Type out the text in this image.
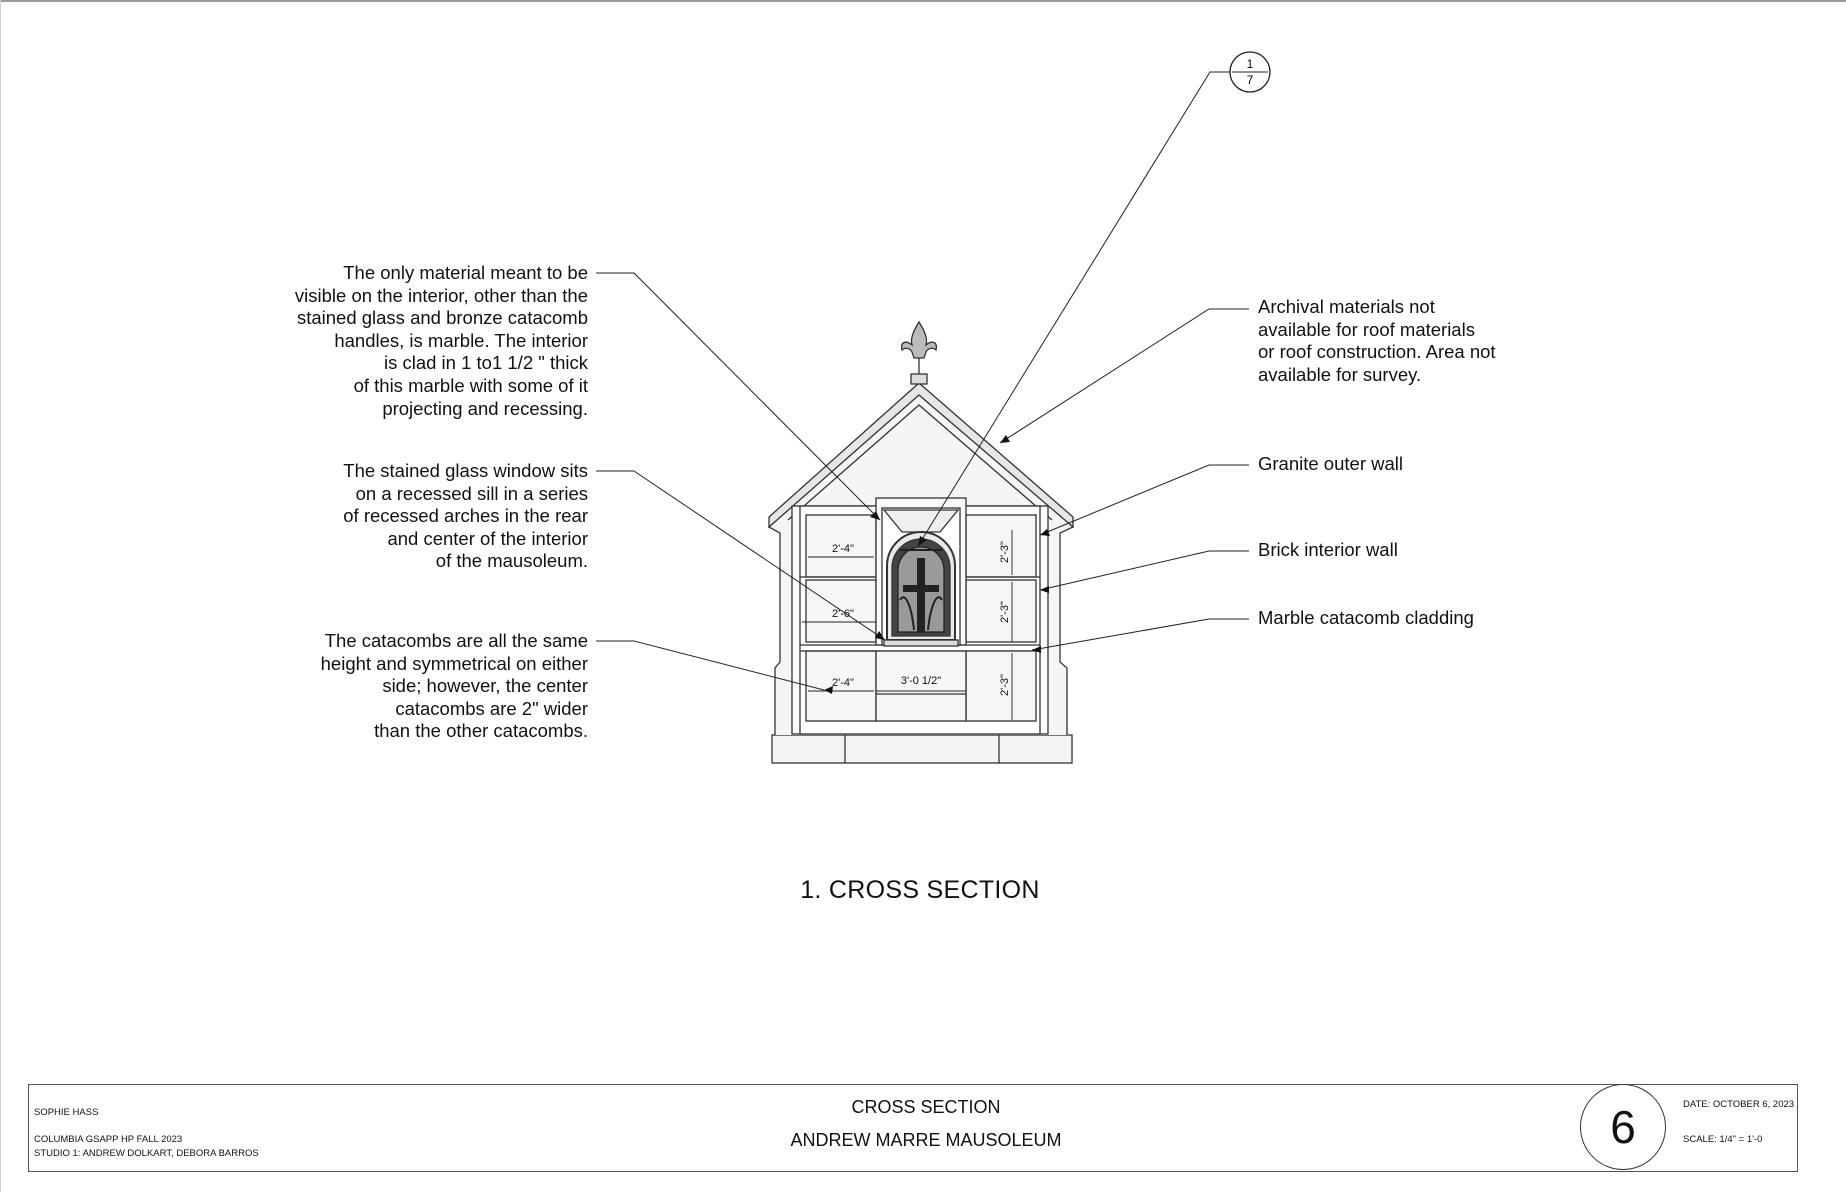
1
7
2'-4"
2'-6"
2'-4"	3'-0 1/2"
2'-3"
2'-3"
2'-3"
The only material meant to be
visible on the interior, other than the
stained glass and bronze catacomb
handles, is marble. The interior
is clad in 1 to1 1/2 " thick
of this marble with some of it
projecting and recessing.
The stained glass window sits
on a recessed sill in a series
of recessed arches in the rear
and center of the interior
of the mausoleum.
The catacombs are all the same
height and symmetrical on either
side; however, the center
catacombs are 2" wider
than the other catacombs.
Archival materials not
available for roof materials
or roof construction. Area not
available for survey.
Granite outer wall
Brick interior wall
Marble catacomb cladding
1. CROSS SECTION
SOPHIE HASS
COLUMBIA GSAPP HP FALL 2023
STUDIO 1: ANDREW DOLKART, DEBORA BARROS
CROSS SECTION
ANDREW MARRE MAUSOLEUM
DATE: OCTOBER 6, 2023
SCALE: 1/4" = 1'-0
6
